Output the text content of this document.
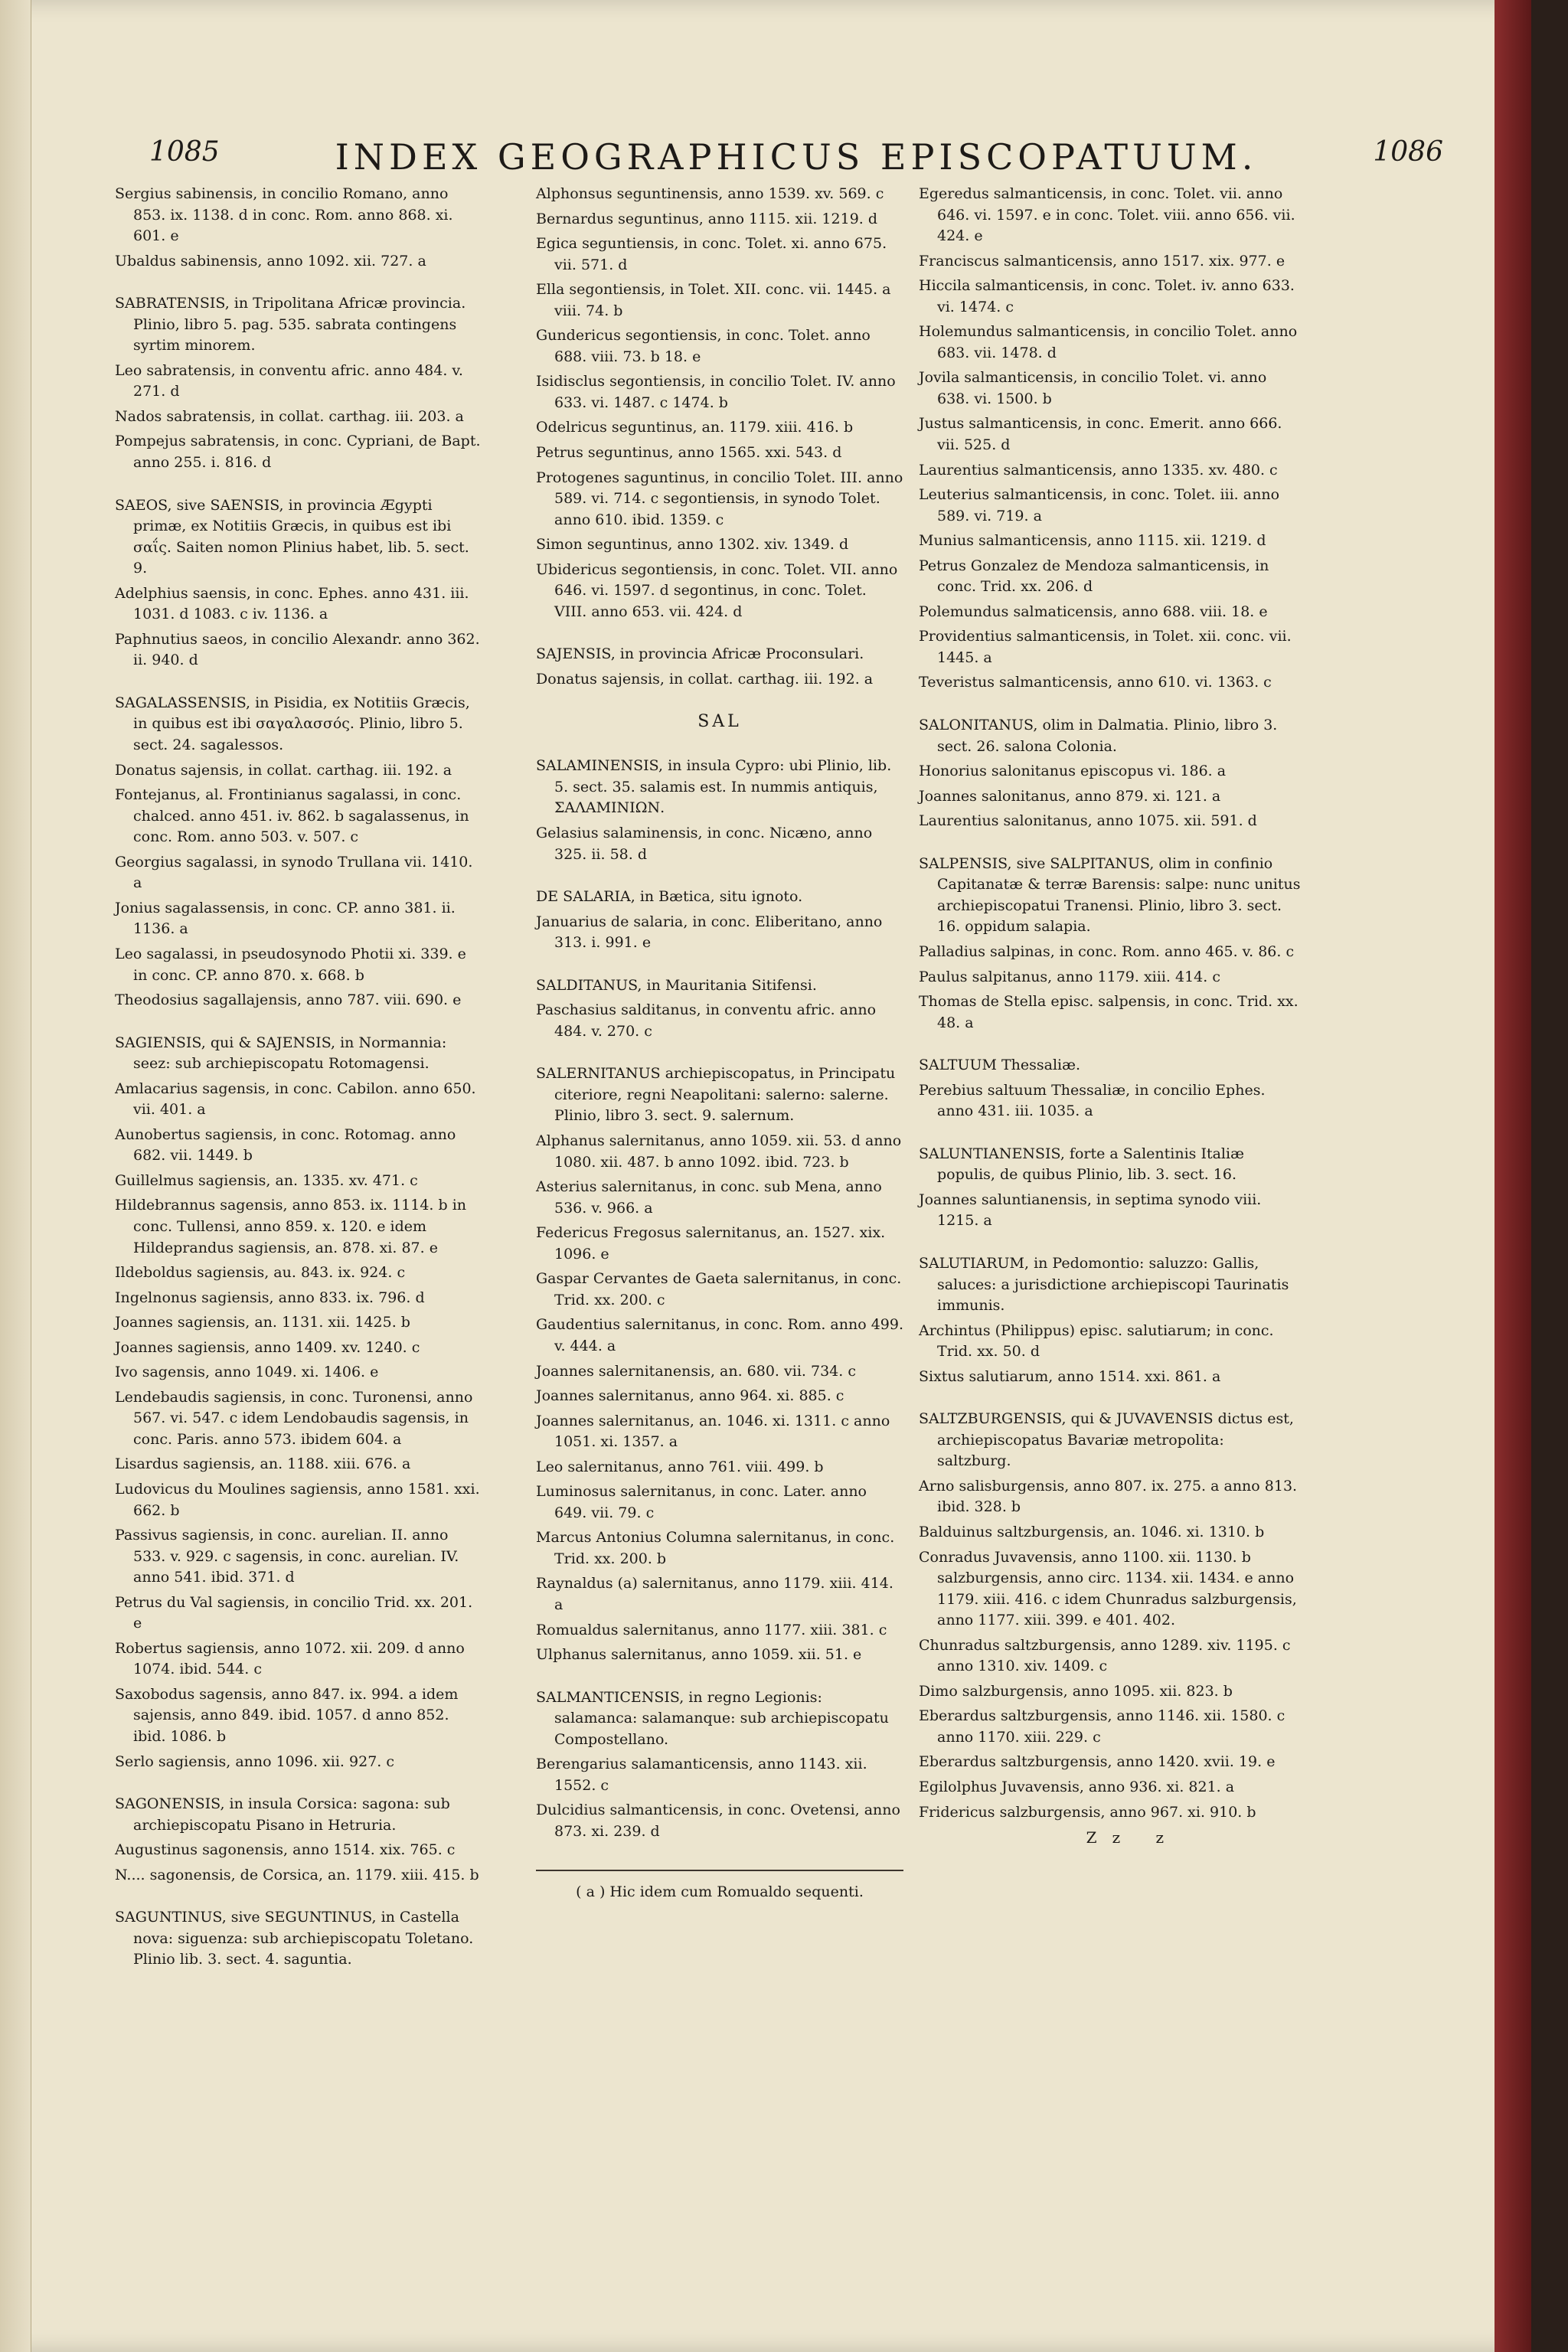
1085	INDEX GEOGRAPHICUS EPISCOPATUUM.	1086
Sergius sabinensis, in concilio Romano, anno 853. ix. 1138. d in conc. Rom. anno 868. xi. 601. e
Ubaldus sabinensis, anno 1092. xii. 727. a
SABRATENSIS, in Tripolitana Africæ provincia. Plinio, libro 5. pag. 535. sabrata contingens syrtim minorem.
Leo sabratensis, in conventu afric. anno 484. v. 271. d
Nados sabratensis, in collat. carthag. iii. 203. a
Pompejus sabratensis, in conc. Cypriani, de Bapt. anno 255. i. 816. d
SAEOS, sive SAENSIS, in provincia Ægypti primæ, ex Notitiis Græcis, in quibus est ibi σαΐς. Saiten nomon Plinius habet, lib. 5. sect. 9.
Adelphius saensis, in conc. Ephes. anno 431. iii. 1031. d 1083. c iv. 1136. a
Paphnutius saeos, in concilio Alexandr. anno 362. ii. 940. d
SAGALASSENSIS, in Pisidia, ex Notitiis Græcis, in quibus est ibi σαγαλασσός. Plinio, libro 5. sect. 24. sagalessos.
Donatus sajensis, in collat. carthag. iii. 192. a
Fontejanus, al. Frontinianus sagalassi, in conc. chalced. anno 451. iv. 862. b sagalassenus, in conc. Rom. anno 503. v. 507. c
Georgius sagalassi, in synodo Trullana vii. 1410. a
Jonius sagalassensis, in conc. CP. anno 381. ii. 1136. a
Leo sagalassi, in pseudosynodo Photii xi. 339. e in conc. CP. anno 870. x. 668. b
Theodosius sagallajensis, anno 787. viii. 690. e
SAGIENSIS, qui & SAJENSIS, in Normannia: seez: sub archiepiscopatu Rotomagensi.
Amlacarius sagensis, in conc. Cabilon. anno 650. vii. 401. a
Aunobertus sagiensis, in conc. Rotomag. anno 682. vii. 1449. b
Guillelmus sagiensis, an. 1335. xv. 471. c
Hildebrannus sagensis, anno 853. ix. 1114. b in conc. Tullensi, anno 859. x. 120. e idem Hildeprandus sagiensis, an. 878. xi. 87. e
Ildeboldus sagiensis, au. 843. ix. 924. c
Ingelnonus sagiensis, anno 833. ix. 796. d
Joannes sagiensis, an. 1131. xii. 1425. b
Joannes sagiensis, anno 1409. xv. 1240. c
Ivo sagensis, anno 1049. xi. 1406. e
Lendebaudis sagiensis, in conc. Turonensi, anno 567. vi. 547. c idem Lendobaudis sagensis, in conc. Paris. anno 573. ibidem 604. a
Lisardus sagiensis, an. 1188. xiii. 676. a
Ludovicus du Moulines sagiensis, anno 1581. xxi. 662. b
Passivus sagiensis, in conc. aurelian. II. anno 533. v. 929. c sagensis, in conc. aurelian. IV. anno 541. ibid. 371. d
Petrus du Val sagiensis, in concilio Trid. xx. 201. e
Robertus sagiensis, anno 1072. xii. 209. d anno 1074. ibid. 544. c
Saxobodus sagensis, anno 847. ix. 994. a idem sajensis, anno 849. ibid. 1057. d anno 852. ibid. 1086. b
Serlo sagiensis, anno 1096. xii. 927. c
SAGONENSIS, in insula Corsica: sagona: sub archiepiscopatu Pisano in Hetruria.
Augustinus sagonensis, anno 1514. xix. 765. c
N.... sagonensis, de Corsica, an. 1179. xiii. 415. b
SAGUNTINUS, sive SEGUNTINUS, in Castella nova: siguenza: sub archiepiscopatu Toletano. Plinio lib. 3. sect. 4. saguntia.
Alphonsus seguntinensis, anno 1539. xv. 569. c
Bernardus seguntinus, anno 1115. xii. 1219. d
Egica seguntiensis, in conc. Tolet. xi. anno 675. vii. 571. d
Ella segontiensis, in Tolet. XII. conc. vii. 1445. a viii. 74. b
Gundericus segontiensis, in conc. Tolet. anno 688. viii. 73. b 18. e
Isidisclus segontiensis, in concilio Tolet. IV. anno 633. vi. 1487. c 1474. b
Odelricus seguntinus, an. 1179. xiii. 416. b
Petrus seguntinus, anno 1565. xxi. 543. d
Protogenes saguntinus, in concilio Tolet. III. anno 589. vi. 714. c segontiensis, in synodo Tolet. anno 610. ibid. 1359. c
Simon seguntinus, anno 1302. xiv. 1349. d
Ubidericus segontiensis, in conc. Tolet. VII. anno 646. vi. 1597. d segontinus, in conc. Tolet. VIII. anno 653. vii. 424. d
SAJENSIS, in provincia Africæ Proconsulari.
Donatus sajensis, in collat. carthag. iii. 192. a
SAL
SALAMINENSIS, in insula Cypro: ubi Plinio, lib. 5. sect. 35. salamis est. In nummis antiquis, ΣΑΛΑΜΙΝΙΩΝ.
Gelasius salaminensis, in conc. Nicæno, anno 325. ii. 58. d
DE SALARIA, in Bætica, situ ignoto.
Januarius de salaria, in conc. Eliberitano, anno 313. i. 991. e
SALDITANUS, in Mauritania Sitifensi.
Paschasius salditanus, in conventu afric. anno 484. v. 270. c
SALERNITANUS archiepiscopatus, in Principatu citeriore, regni Neapolitani: salerno: salerne. Plinio, libro 3. sect. 9. salernum.
Alphanus salernitanus, anno 1059. xii. 53. d anno 1080. xii. 487. b anno 1092. ibid. 723. b
Asterius salernitanus, in conc. sub Mena, anno 536. v. 966. a
Federicus Fregosus salernitanus, an. 1527. xix. 1096. e
Gaspar Cervantes de Gaeta salernitanus, in conc. Trid. xx. 200. c
Gaudentius salernitanus, in conc. Rom. anno 499. v. 444. a
Joannes salernitanensis, an. 680. vii. 734. c
Joannes salernitanus, anno 964. xi. 885. c
Joannes salernitanus, an. 1046. xi. 1311. c anno 1051. xi. 1357. a
Leo salernitanus, anno 761. viii. 499. b
Luminosus salernitanus, in conc. Later. anno 649. vii. 79. c
Marcus Antonius Columna salernitanus, in conc. Trid. xx. 200. b
Raynaldus (a) salernitanus, anno 1179. xiii. 414. a
Romualdus salernitanus, anno 1177. xiii. 381. c
Ulphanus salernitanus, anno 1059. xii. 51. e
SALMANTICENSIS, in regno Legionis: salamanca: salamanque: sub archiepiscopatu Compostellano.
Berengarius salamanticensis, anno 1143. xii. 1552. c
Dulcidius salmanticensis, in conc. Ovetensi, anno 873. xi. 239. d
( a ) Hic idem cum Romualdo sequenti.
Egeredus salmanticensis, in conc. Tolet. vii. anno 646. vi. 1597. e in conc. Tolet. viii. anno 656. vii. 424. e
Franciscus salmanticensis, anno 1517. xix. 977. e
Hiccila salmanticensis, in conc. Tolet. iv. anno 633. vi. 1474. c
Holemundus salmanticensis, in concilio Tolet. anno 683. vii. 1478. d
Jovila salmanticensis, in concilio Tolet. vi. anno 638. vi. 1500. b
Justus salmanticensis, in conc. Emerit. anno 666. vii. 525. d
Laurentius salmanticensis, anno 1335. xv. 480. c
Leuterius salmanticensis, in conc. Tolet. iii. anno 589. vi. 719. a
Munius salmanticensis, anno 1115. xii. 1219. d
Petrus Gonzalez de Mendoza salmanticensis, in conc. Trid. xx. 206. d
Polemundus salmaticensis, anno 688. viii. 18. e
Providentius salmanticensis, in Tolet. xii. conc. vii. 1445. a
Teveristus salmanticensis, anno 610. vi. 1363. c
SALONITANUS, olim in Dalmatia. Plinio, libro 3. sect. 26. salona Colonia.
Honorius salonitanus episcopus vi. 186. a
Joannes salonitanus, anno 879. xi. 121. a
Laurentius salonitanus, anno 1075. xii. 591. d
SALPENSIS, sive SALPITANUS, olim in confinio Capitanatæ & terræ Barensis: salpe: nunc unitus archiepiscopatui Tranensi. Plinio, libro 3. sect. 16. oppidum salapia.
Palladius salpinas, in conc. Rom. anno 465. v. 86. c
Paulus salpitanus, anno 1179. xiii. 414. c
Thomas de Stella episc. salpensis, in conc. Trid. xx. 48. a
SALTUUM Thessaliæ.
Perebius saltuum Thessaliæ, in concilio Ephes. anno 431. iii. 1035. a
SALUNTIANENSIS, forte a Salentinis Italiæ populis, de quibus Plinio, lib. 3. sect. 16.
Joannes saluntianensis, in septima synodo viii. 1215. a
SALUTIARUM, in Pedomontio: saluzzo: Gallis, saluces: a jurisdictione archiepiscopi Taurinatis immunis.
Archintus (Philippus) episc. salutiarum; in conc. Trid. xx. 50. d
Sixtus salutiarum, anno 1514. xxi. 861. a
SALTZBURGENSIS, qui & JUVAVENSIS dictus est, archiepiscopatus Bavariæ metropolita: saltzburg.
Arno salisburgensis, anno 807. ix. 275. a anno 813. ibid. 328. b
Balduinus saltzburgensis, an. 1046. xi. 1310. b
Conradus Juvavensis, anno 1100. xii. 1130. b salzburgensis, anno circ. 1134. xii. 1434. e anno 1179. xiii. 416. c idem Chunradus salzburgensis, anno 1177. xiii. 399. e 401. 402.
Chunradus saltzburgensis, anno 1289. xiv. 1195. c anno 1310. xiv. 1409. c
Dimo salzburgensis, anno 1095. xii. 823. b
Eberardus saltzburgensis, anno 1146. xii. 1580. c anno 1170. xiii. 229. c
Eberardus saltzburgensis, anno 1420. xvii. 19. e
Egilolphus Juvavensis, anno 936. xi. 821. a
Fridericus salzburgensis, anno 967. xi. 910. b
Zz z
